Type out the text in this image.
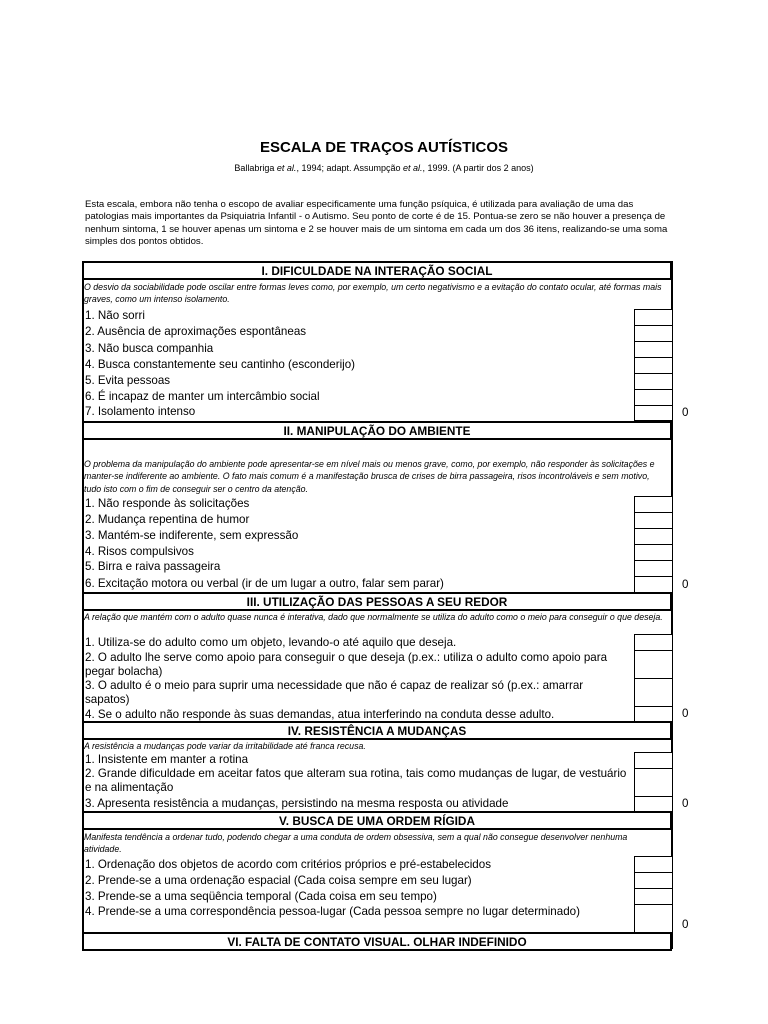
ESCALA DE TRAÇOS AUTÍSTICOS

Ballabriga et al., 1994; adapt. Assumpção et al., 1999. (A partir dos 2 anos)

Esta escala, embora não tenha o escopo de avaliar especificamente uma função psíquica, é utilizada para avaliação de uma das patologias mais importantes da Psiquiatria Infantil - o Autismo. Seu ponto de corte é de 15. Pontua-se zero se não houver a presença de nenhum sintoma, 1 se houver apenas um sintoma e 2 se houver mais de um sintoma em cada um dos 36 itens, realizando-se uma soma simples dos pontos obtidos.

I. DIFICULDADE NA INTERAÇÃO SOCIAL

O desvio da sociabilidade pode oscilar entre formas leves como, por exemplo, um certo negativismo e a evitação do contato ocular, até formas mais graves, como um intenso isolamento.

1. Não sorri
2. Ausência de aproximações espontâneas
3. Não busca companhia
4. Busca constantemente seu cantinho (esconderijo)
5. Evita pessoas
6. É incapaz de manter um intercâmbio social
7. Isolamento intenso	0
II. MANIPULAÇÃO DO AMBIENTE

O problema da manipulação do ambiente pode apresentar-se em nível mais ou menos grave, como, por exemplo, não responder às solicitações e manter-se indiferente ao ambiente. O fato mais comum é a manifestação brusca de crises de birra passageira, risos incontroláveis e sem motivo, tudo isto com o fim de conseguir ser o centro da atenção.

1. Não responde às solicitações
2. Mudança repentina de humor
3. Mantém-se indiferente, sem expressão
4. Risos compulsivos
5. Birra e raiva passageira
6. Excitação motora ou verbal (ir de um lugar a outro, falar sem parar)	0
III. UTILIZAÇÃO DAS PESSOAS A SEU REDOR

A relação que mantém com o adulto quase nunca é interativa, dado que normalmente se utiliza do adulto como o meio para conseguir o que deseja.

1. Utiliza-se do adulto como um objeto, levando-o até aquilo que deseja.
2. O adulto lhe serve como apoio para conseguir o que deseja (p.ex.: utiliza o adulto como apoio para pegar bolacha)
3. O adulto é o meio para suprir uma necessidade que não é capaz de realizar só (p.ex.: amarrar sapatos)
4. Se o adulto não responde às suas demandas, atua interferindo na conduta desse adulto.	0
IV. RESISTÊNCIA A MUDANÇAS

A resistência a mudanças pode variar da irritabilidade até franca recusa.

1. Insistente em manter a rotina
2. Grande dificuldade em aceitar fatos que alteram sua rotina, tais como mudanças de lugar, de vestuário e na alimentação
3. Apresenta resistência a mudanças, persistindo na mesma resposta ou atividade	0
V. BUSCA DE UMA ORDEM RÍGIDA

Manifesta tendência a ordenar tudo, podendo chegar a uma conduta de ordem obsessiva, sem a qual não consegue desenvolver nenhuma atividade.

1. Ordenação dos objetos de acordo com critérios próprios e pré-estabelecidos
2. Prende-se a uma ordenação espacial (Cada coisa sempre em seu lugar)
3. Prende-se a uma seqüência temporal (Cada coisa em seu tempo)
4. Prende-se a uma correspondência pessoa-lugar (Cada pessoa sempre no lugar determinado)
0
VI. FALTA DE CONTATO VISUAL. OLHAR INDEFINIDO
